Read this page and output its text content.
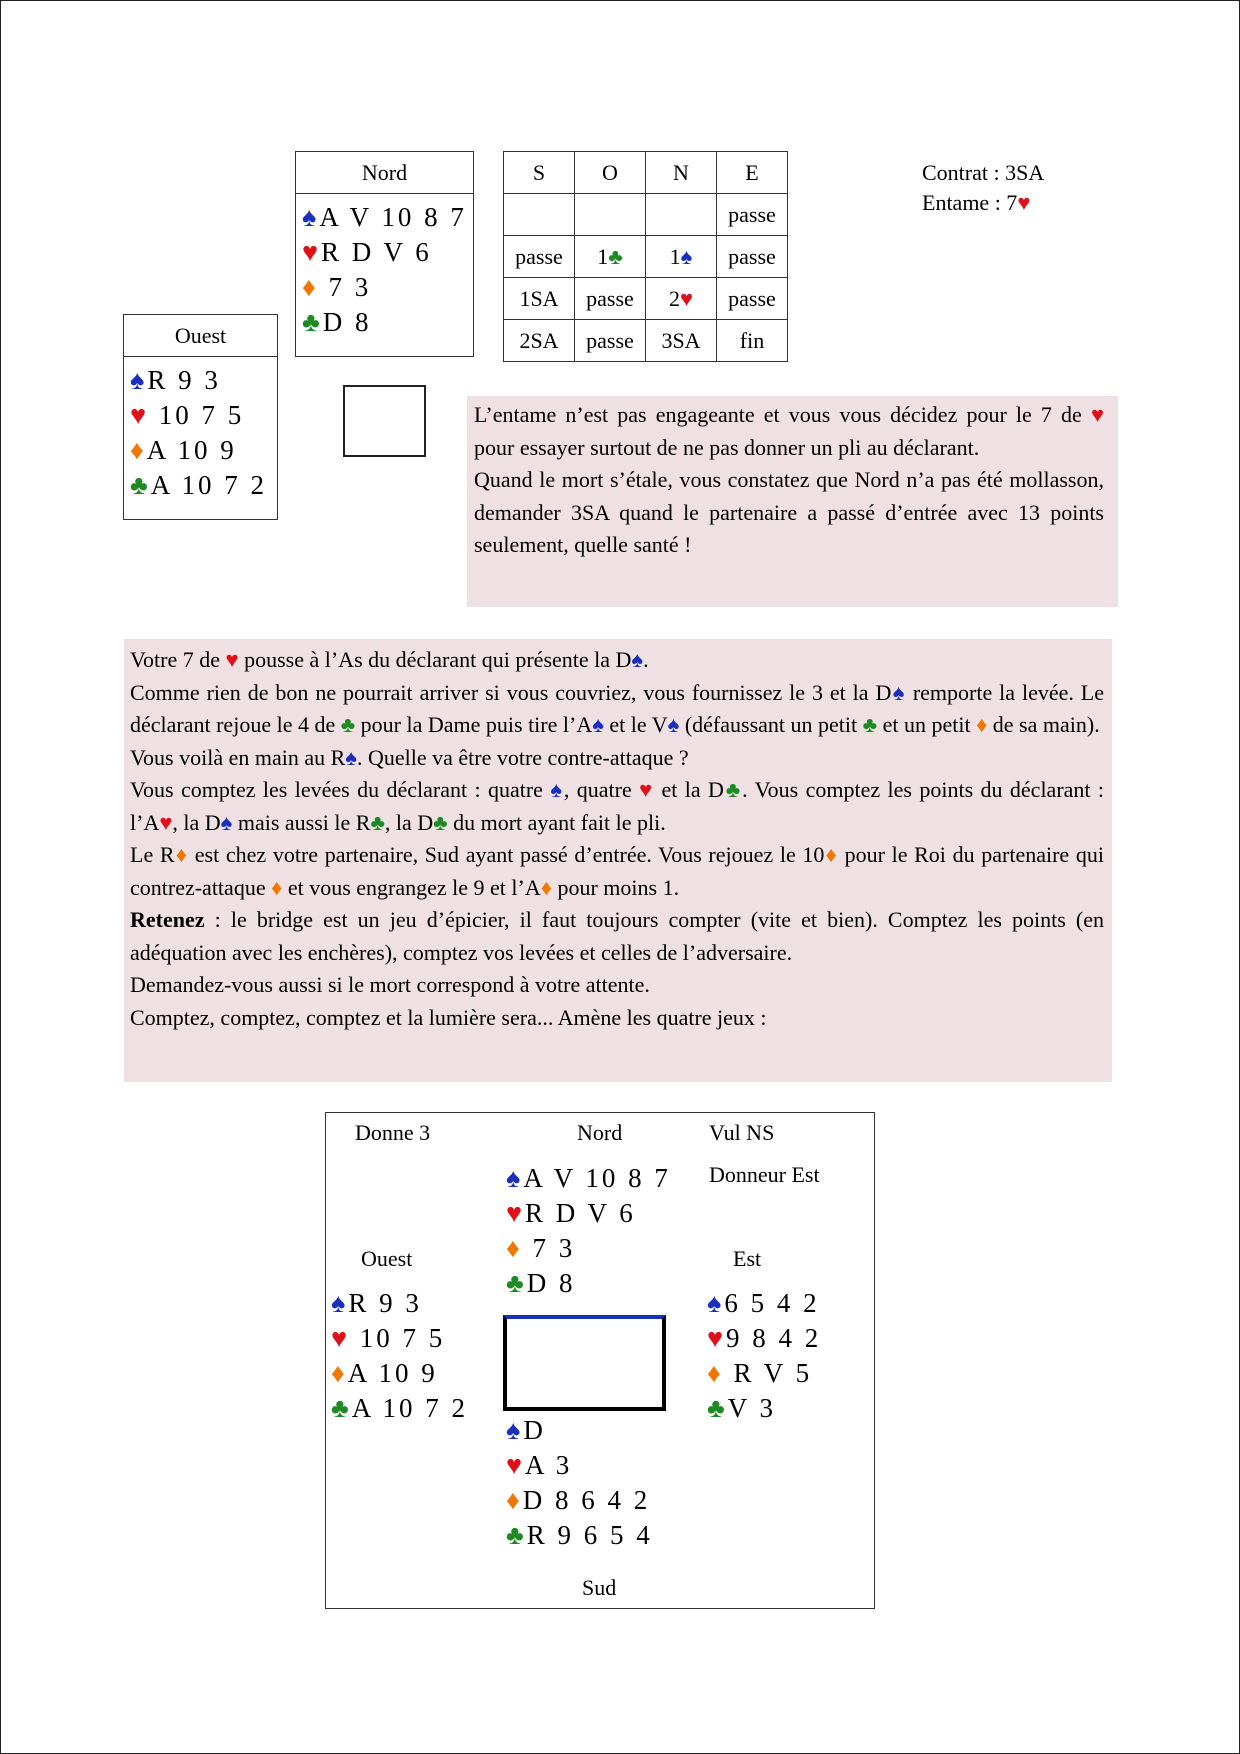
Nord
♠ A V 10 8 7
♥ R D V 6
♦ 7 3
♣ D 8
Ouest
♠ R 9 3
♥ 10 7 5
♦ A 10 9
♣ A 10 7 2
S	O	N	E
			passe
passe	1♣	1♠	passe
1SA	passe	2♥	passe
2SA	passe	3SA	fin
Contrat : 3SA
Entame : 7♥

L’entame n’est pas engageante et vous vous décidez pour le 7 de ♥ pour essayer surtout de ne pas donner un pli au déclarant.

Quand le mort s’étale, vous constatez que Nord n’a pas été mollasson, demander 3SA quand le partenaire a passé d’entrée avec 13 points seulement, quelle santé !

Votre 7 de ♥ pousse à l’As du déclarant qui présente la D♠.

Comme rien de bon ne pourrait arriver si vous couvriez, vous fournissez le 3 et la D♠ remporte la levée. Le déclarant rejoue le 4 de ♣ pour la Dame puis tire l’A♠ et le V♠ (défaussant un petit ♣ et un petit ♦ de sa main).

Vous voilà en main au R♠. Quelle va être votre contre-attaque ?

Vous comptez les levées du déclarant : quatre ♠, quatre ♥ et la D♣. Vous comptez les points du déclarant : l’A♥, la D♠ mais aussi le R♣, la D♣ du mort ayant fait le pli.

Le R♦ est chez votre partenaire, Sud ayant passé d’entrée. Vous rejouez le 10♦ pour le Roi du partenaire qui contrez-attaque ♦ et vous engrangez le 9 et l’A♦ pour moins 1.

Retenez : le bridge est un jeu d’épicier, il faut toujours compter (vite et bien). Comptez les points (en adéquation avec les enchères), comptez vos levées et celles de l’adversaire.

Demandez-vous aussi si le mort correspond à votre attente.

Comptez, comptez, comptez et la lumière sera... Amène les quatre jeux :

Donne 3	Nord	Vul NS
Donneur Est
Ouest	Est
Sud
♠ A V 10 8 7
♥ R D V 6
♦ 7 3
♣ D 8
♠ R 9 3
♥ 10 7 5
♦ A 10 9
♣ A 10 7 2
♠ 6 5 4 2
♥ 9 8 4 2
♦ R V 5
♣ V 3
♠ D
♥ A 3
♦ D 8 6 4 2
♣ R 9 6 5 4
